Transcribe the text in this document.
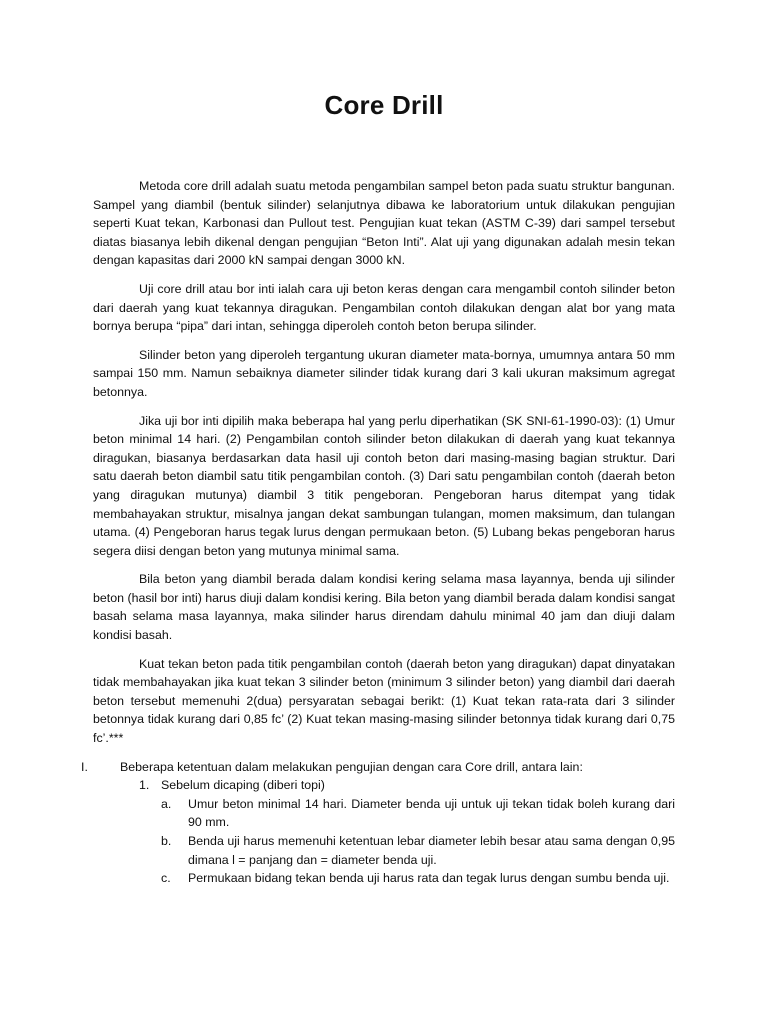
Core Drill

Metoda core drill adalah suatu metoda pengambilan sampel beton pada suatu struktur bangunan. Sampel yang diambil (bentuk silinder) selanjutnya dibawa ke laboratorium untuk dilakukan pengujian seperti Kuat tekan, Karbonasi dan Pullout test. Pengujian kuat tekan (ASTM C-39) dari sampel tersebut diatas biasanya lebih dikenal dengan pengujian “Beton Inti”. Alat uji yang digunakan adalah mesin tekan dengan kapasitas dari 2000 kN sampai dengan 3000 kN.

Uji core drill atau bor inti ialah cara uji beton keras dengan cara mengambil contoh silinder beton dari daerah yang kuat tekannya diragukan. Pengambilan contoh dilakukan dengan alat bor yang mata bornya berupa “pipa” dari intan, sehingga diperoleh contoh beton berupa silinder.

Silinder beton yang diperoleh tergantung ukuran diameter mata-bornya, umumnya antara 50 mm sampai 150 mm. Namun sebaiknya diameter silinder tidak kurang dari 3 kali ukuran maksimum agregat betonnya.

Jika uji bor inti dipilih maka beberapa hal yang perlu diperhatikan (SK SNI-61-1990-03): (1) Umur beton minimal 14 hari. (2) Pengambilan contoh silinder beton dilakukan di daerah yang kuat tekannya diragukan, biasanya berdasarkan data hasil uji contoh beton dari masing-masing bagian struktur. Dari satu daerah beton diambil satu titik pengambilan contoh. (3) Dari satu pengambilan contoh (daerah beton yang diragukan mutunya) diambil 3 titik pengeboran. Pengeboran harus ditempat yang tidak membahayakan struktur, misalnya jangan dekat sambungan tulangan, momen maksimum, dan tulangan utama. (4) Pengeboran harus tegak lurus dengan permukaan beton. (5) Lubang bekas pengeboran harus segera diisi dengan beton yang mutunya minimal sama.

Bila beton yang diambil berada dalam kondisi kering selama masa layannya, benda uji silinder beton (hasil bor inti) harus diuji dalam kondisi kering. Bila beton yang diambil berada dalam kondisi sangat basah selama masa layannya, maka silinder harus direndam dahulu minimal 40 jam dan diuji dalam kondisi basah.

Kuat tekan beton pada titik pengambilan contoh (daerah beton yang diragukan) dapat dinyatakan tidak membahayakan jika kuat tekan 3 silinder beton (minimum 3 silinder beton) yang diambil dari daerah beton tersebut memenuhi 2(dua) persyaratan sebagai berikt: (1) Kuat tekan rata-rata dari 3 silinder betonnya tidak kurang dari 0,85 fc’ (2) Kuat tekan masing-masing silinder betonnya tidak kurang dari 0,75 fc’.***

I.	Beberapa ketentuan dalam melakukan pengujian dengan cara Core drill, antara lain:
1. Sebelum dicaping (diberi topi)
a.	Umur beton minimal 14 hari. Diameter benda uji untuk uji tekan tidak boleh kurang dari 90 mm.
b.	Benda uji harus memenuhi ketentuan lebar diameter lebih besar atau sama dengan 0,95 dimana l = panjang dan = diameter benda uji.
c.	Permukaan bidang tekan benda uji harus rata dan tegak lurus dengan sumbu benda uji.
